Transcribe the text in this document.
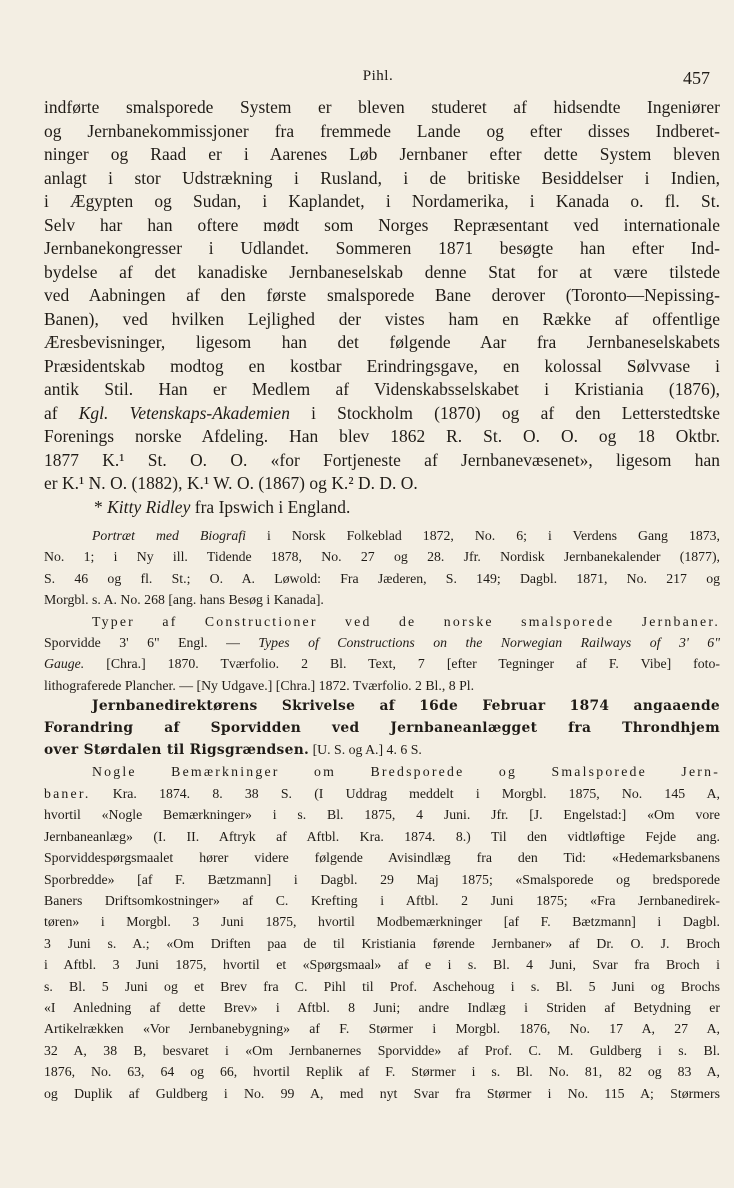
Pihl.	457
indførte smalsporede System er bleven studeret af hidsendte Ingeniører
og Jernbanekommissjoner fra fremmede Lande og efter disses Indberet-
ninger og Raad er i Aarenes Løb Jernbaner efter dette System bleven
anlagt i stor Udstrækning i Rusland, i de britiske Besiddelser i Indien,
i Ægypten og Sudan, i Kaplandet, i Nordamerika, i Kanada o. fl. St.
Selv har han oftere mødt som Norges Repræsentant ved internationale
Jernbanekongresser i Udlandet. Sommeren 1871 besøgte han efter Ind-
bydelse af det kanadiske Jernbaneselskab denne Stat for at være tilstede
ved Aabningen af den første smalsporede Bane derover (Toronto—Nepissing-
Banen), ved hvilken Lejlighed der vistes ham en Række af offentlige
Æresbevisninger, ligesom han det følgende Aar fra Jernbaneselskabets
Præsidentskab modtog en kostbar Erindringsgave, en kolossal Sølvvase i
antik Stil. Han er Medlem af Videnskabsselskabet i Kristiania (1876),
af Kgl. Vetenskaps-Akademien i Stockholm (1870) og af den Letterstedtske
Forenings norske Afdeling. Han blev 1862 R. St. O. O. og 18 Oktbr.
1877 K.¹ St. O. O. «for Fortjeneste af Jernbanevæsenet», ligesom han
er K.¹ N. O. (1882), K.¹ W. O. (1867) og K.² D. D. O.
* Kitty Ridley fra Ipswich i England.
Portræt med Biografi i Norsk Folkeblad 1872, No. 6; i Verdens Gang 1873,
No. 1; i Ny ill. Tidende 1878, No. 27 og 28. Jfr. Nordisk Jernbanekalender (1877),
S. 46 og fl. St.; O. A. Løwold: Fra Jæderen, S. 149; Dagbl. 1871, No. 217 og
Morgbl. s. A. No. 268 [ang. hans Besøg i Kanada].
Typer af Constructioner ved de norske smalsporede Jernbaner.
Sporvidde 3' 6" Engl. — Types of Constructions on the Norwegian Railways of 3' 6"
Gauge. [Chra.] 1870. Tværfolio. 2 Bl. Text, 7 [efter Tegninger af F. Vibe] foto-
lithograferede Plancher. — [Ny Udgave.] [Chra.] 1872. Tværfolio. 2 Bl., 8 Pl.
Jernbanedirektørens Skrivelse af 16de Februar 1874 angaaende
Forandring af Sporvidden ved Jernbaneanlægget fra Throndhjem
over Størdalen til Rigsgrændsen. [U. S. og A.] 4. 6 S.
Nogle Bemærkninger om Bredsporede og Smalsporede Jern-
baner. Kra. 1874. 8. 38 S. (I Uddrag meddelt i Morgbl. 1875, No. 145 A,
hvortil «Nogle Bemærkninger» i s. Bl. 1875, 4 Juni. Jfr. [J. Engelstad:] «Om vore
Jernbaneanlæg» (I. II. Aftryk af Aftbl. Kra. 1874. 8.) Til den vidtløftige Fejde ang.
Sporviddespørgsmaalet hører videre følgende Avisindlæg fra den Tid: «Hedemarksbanens
Sporbredde» [af F. Bætzmann] i Dagbl. 29 Maj 1875; «Smalsporede og bredsporede
Baners Driftsomkostninger» af C. Krefting i Aftbl. 2 Juni 1875; «Fra Jernbanedirek-
tøren» i Morgbl. 3 Juni 1875, hvortil Modbemærkninger [af F. Bætzmann] i Dagbl.
3 Juni s. A.; «Om Driften paa de til Kristiania førende Jernbaner» af Dr. O. J. Broch
i Aftbl. 3 Juni 1875, hvortil et «Spørgsmaal» af e i s. Bl. 4 Juni, Svar fra Broch i
s. Bl. 5 Juni og et Brev fra C. Pihl til Prof. Aschehoug i s. Bl. 5 Juni og Brochs
«I Anledning af dette Brev» i Aftbl. 8 Juni; andre Indlæg i Striden af Betydning er
Artikelrækken «Vor Jernbanebygning» af F. Størmer i Morgbl. 1876, No. 17 A, 27 A,
32 A, 38 B, besvaret i «Om Jernbanernes Sporvidde» af Prof. C. M. Guldberg i s. Bl.
1876, No. 63, 64 og 66, hvortil Replik af F. Størmer i s. Bl. No. 81, 82 og 83 A,
og Duplik af Guldberg i No. 99 A, med nyt Svar fra Størmer i No. 115 A; Størmers
